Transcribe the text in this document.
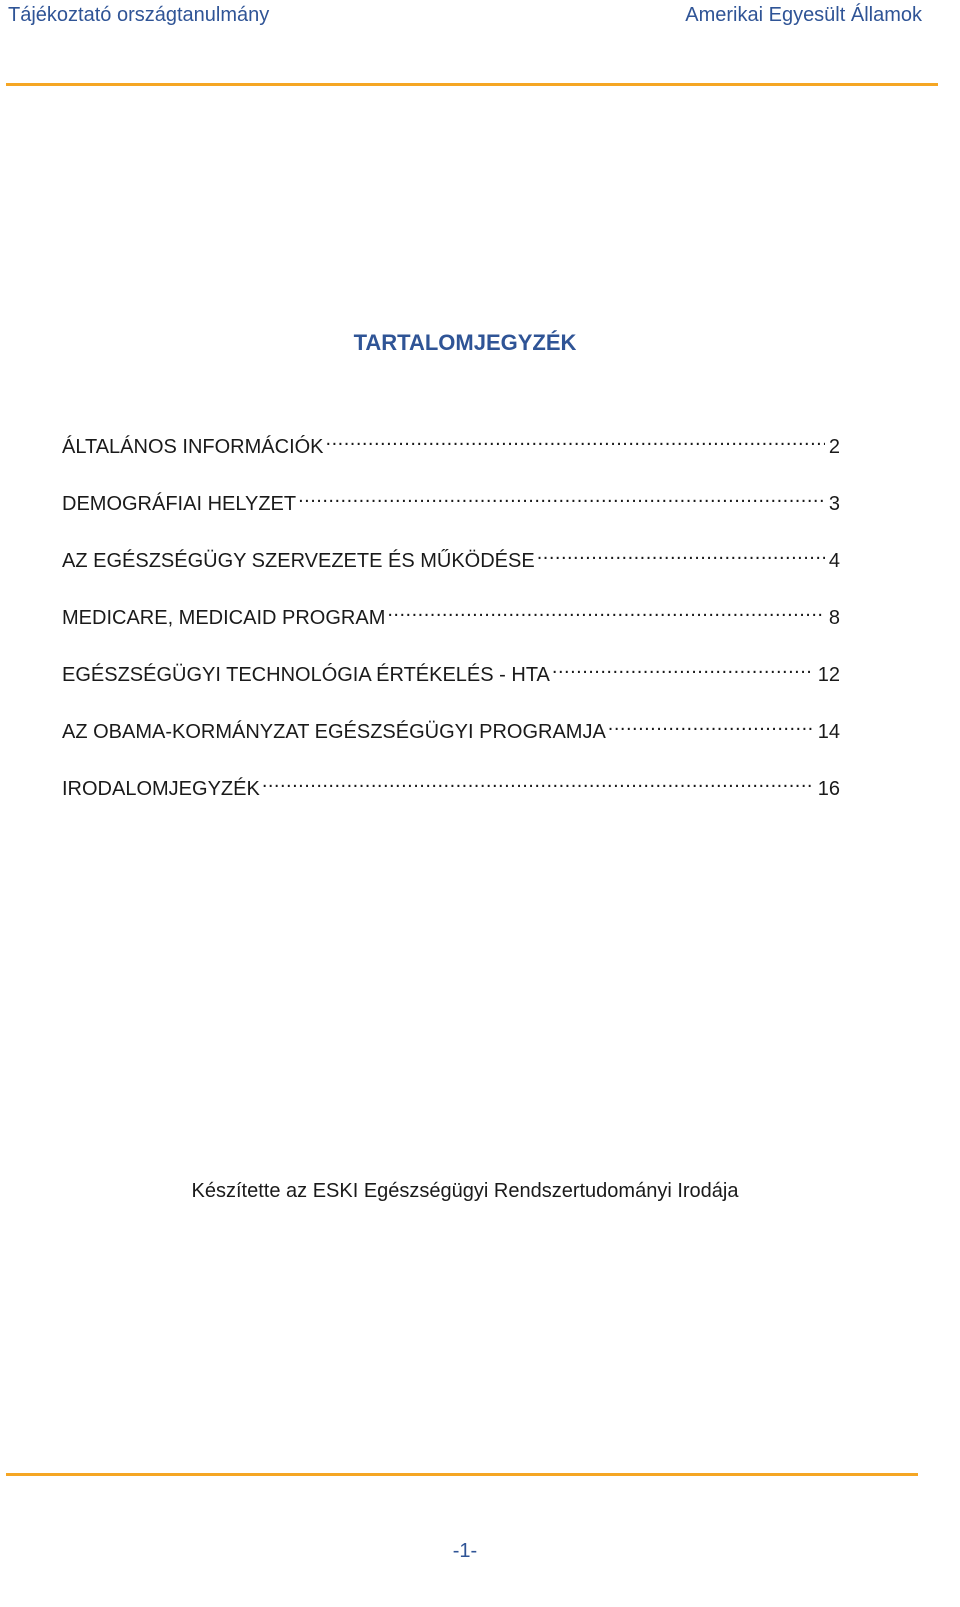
Tájékoztató országtanulmány	Amerikai Egyesült Államok
TARTALOMJEGYZÉK
ÁLTALÁNOS INFORMÁCIÓK .....	2
DEMOGRÁFIAI HELYZET .....	3
AZ EGÉSZSÉGÜGY SZERVEZETE ÉS MŰKÖDÉSE .....	4
MEDICARE, MEDICAID PROGRAM .....	8
EGÉSZSÉGÜGYI TECHNOLÓGIA ÉRTÉKELÉS - HTA .....	12
AZ OBAMA-KORMÁNYZAT EGÉSZSÉGÜGYI PROGRAMJA .....	14
IRODALOMJEGYZÉK .....	16
Készítette az ESKI Egészségügyi Rendszertudományi Irodája
-1-
